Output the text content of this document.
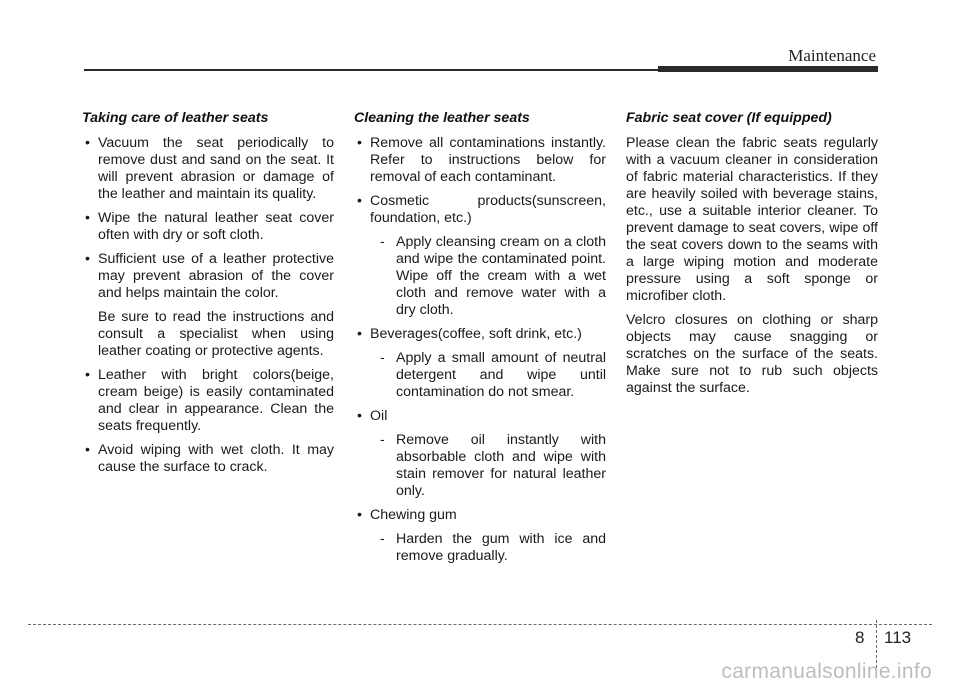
Maintenance
Taking care of leather seats
• Vacuum the seat periodically to remove dust and sand on the seat. It will prevent abrasion or damage of the leather and maintain its quality.
• Wipe the natural leather seat cover often with dry or soft cloth.
• Sufficient use of a leather protective may prevent abrasion of the cover and helps maintain the color.
Be sure to read the instructions and consult a specialist when using leather coating or protective agents.
• Leather with bright colors(beige, cream beige) is easily contaminated and clear in appearance. Clean the seats frequently.
• Avoid wiping with wet cloth. It may cause the surface to crack.
Cleaning the leather seats
• Remove all contaminations instantly. Refer to instructions below for removal of each contaminant.
• Cosmetic products(sunscreen, foundation, etc.)
- Apply cleansing cream on a cloth and wipe the contaminated point. Wipe off the cream with a wet cloth and remove water with a dry cloth.
• Beverages(coffee, soft drink, etc.)
- Apply a small amount of neutral detergent and wipe until contamination do not smear.
• Oil
- Remove oil instantly with absorbable cloth and wipe with stain remover for natural leather only.
• Chewing gum
- Harden the gum with ice and remove gradually.
Fabric seat cover (If equipped)

Please clean the fabric seats regularly with a vacuum cleaner in consideration of fabric material characteristics. If they are heavily soiled with beverage stains, etc., use a suitable interior cleaner. To prevent damage to seat covers, wipe off the seat covers down to the seams with a large wiping motion and moderate pressure using a soft sponge or microfiber cloth.

Velcro closures on clothing or sharp objects may cause snagging or scratches on the surface of the seats. Make sure not to rub such objects against the surface.

8 113
carmanualsonline.info
